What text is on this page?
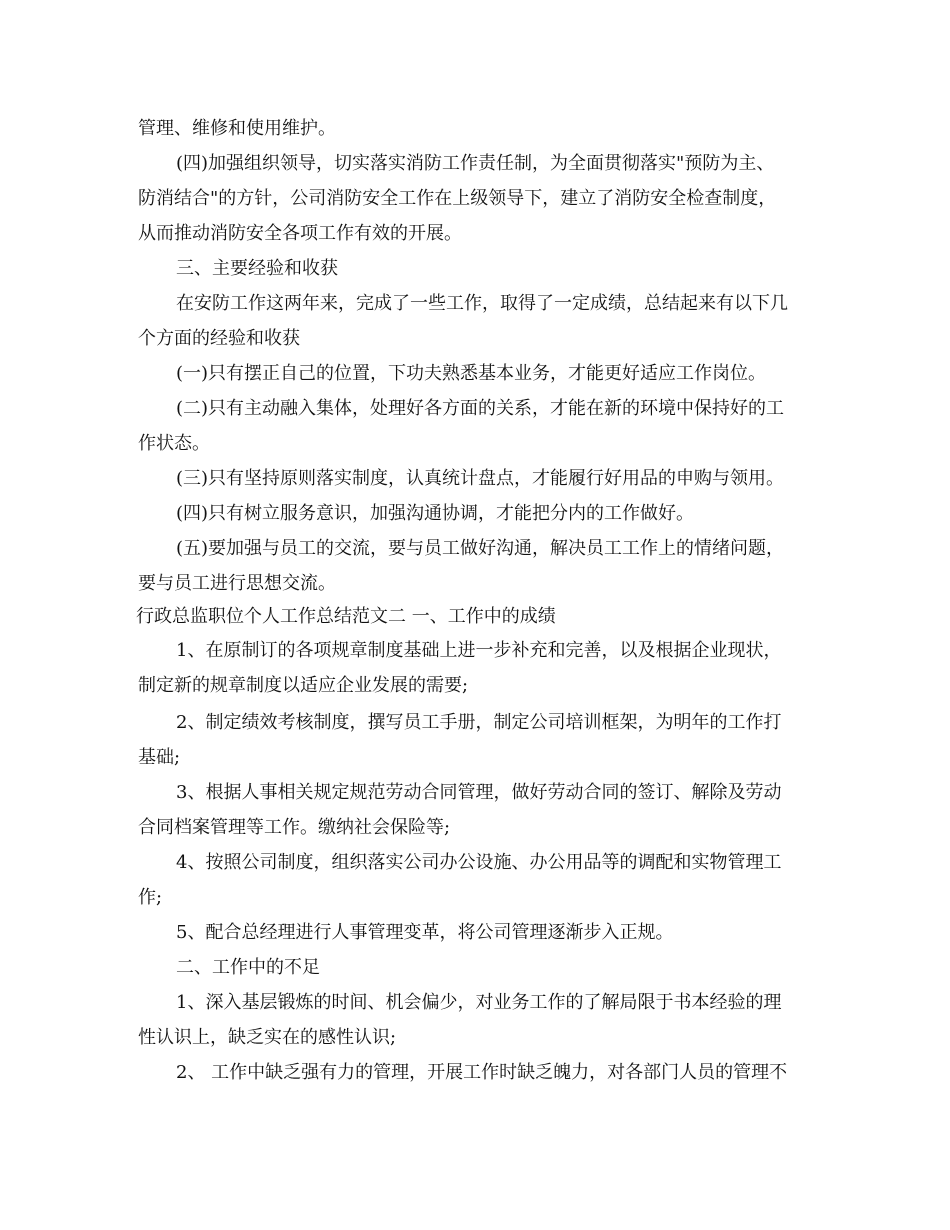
管理、维修和使用维护。
(四)加强组织领导，切实落实消防工作责任制，为全面贯彻落实"预防为主、
防消结合"的方针，公司消防安全工作在上级领导下，建立了消防安全检查制度，
从而推动消防安全各项工作有效的开展。
三、主要经验和收获
在安防工作这两年来，完成了一些工作，取得了一定成绩，总结起来有以下几
个方面的经验和收获
(一)只有摆正自己的位置，下功夫熟悉基本业务，才能更好适应工作岗位。
(二)只有主动融入集体，处理好各方面的关系，才能在新的环境中保持好的工
作状态。
(三)只有坚持原则落实制度，认真统计盘点，才能履行好用品的申购与领用。
(四)只有树立服务意识，加强沟通协调，才能把分内的工作做好。
(五)要加强与员工的交流，要与员工做好沟通，解决员工工作上的情绪问题，
要与员工进行思想交流。
行政总监职位个人工作总结范文二 一、工作中的成绩
1、在原制订的各项规章制度基础上进一步补充和完善，以及根据企业现状，
制定新的规章制度以适应企业发展的需要;
2、制定绩效考核制度，撰写员工手册，制定公司培训框架，为明年的工作打
基础;
3、根据人事相关规定规范劳动合同管理，做好劳动合同的签订、解除及劳动
合同档案管理等工作。缴纳社会保险等;
4、按照公司制度，组织落实公司办公设施、办公用品等的调配和实物管理工
作;
5、配合总经理进行人事管理变革，将公司管理逐渐步入正规。
二、工作中的不足
1、深入基层锻炼的时间、机会偏少，对业务工作的了解局限于书本经验的理
性认识上，缺乏实在的感性认识;
2、 工作中缺乏强有力的管理，开展工作时缺乏魄力，对各部门人员的管理不
